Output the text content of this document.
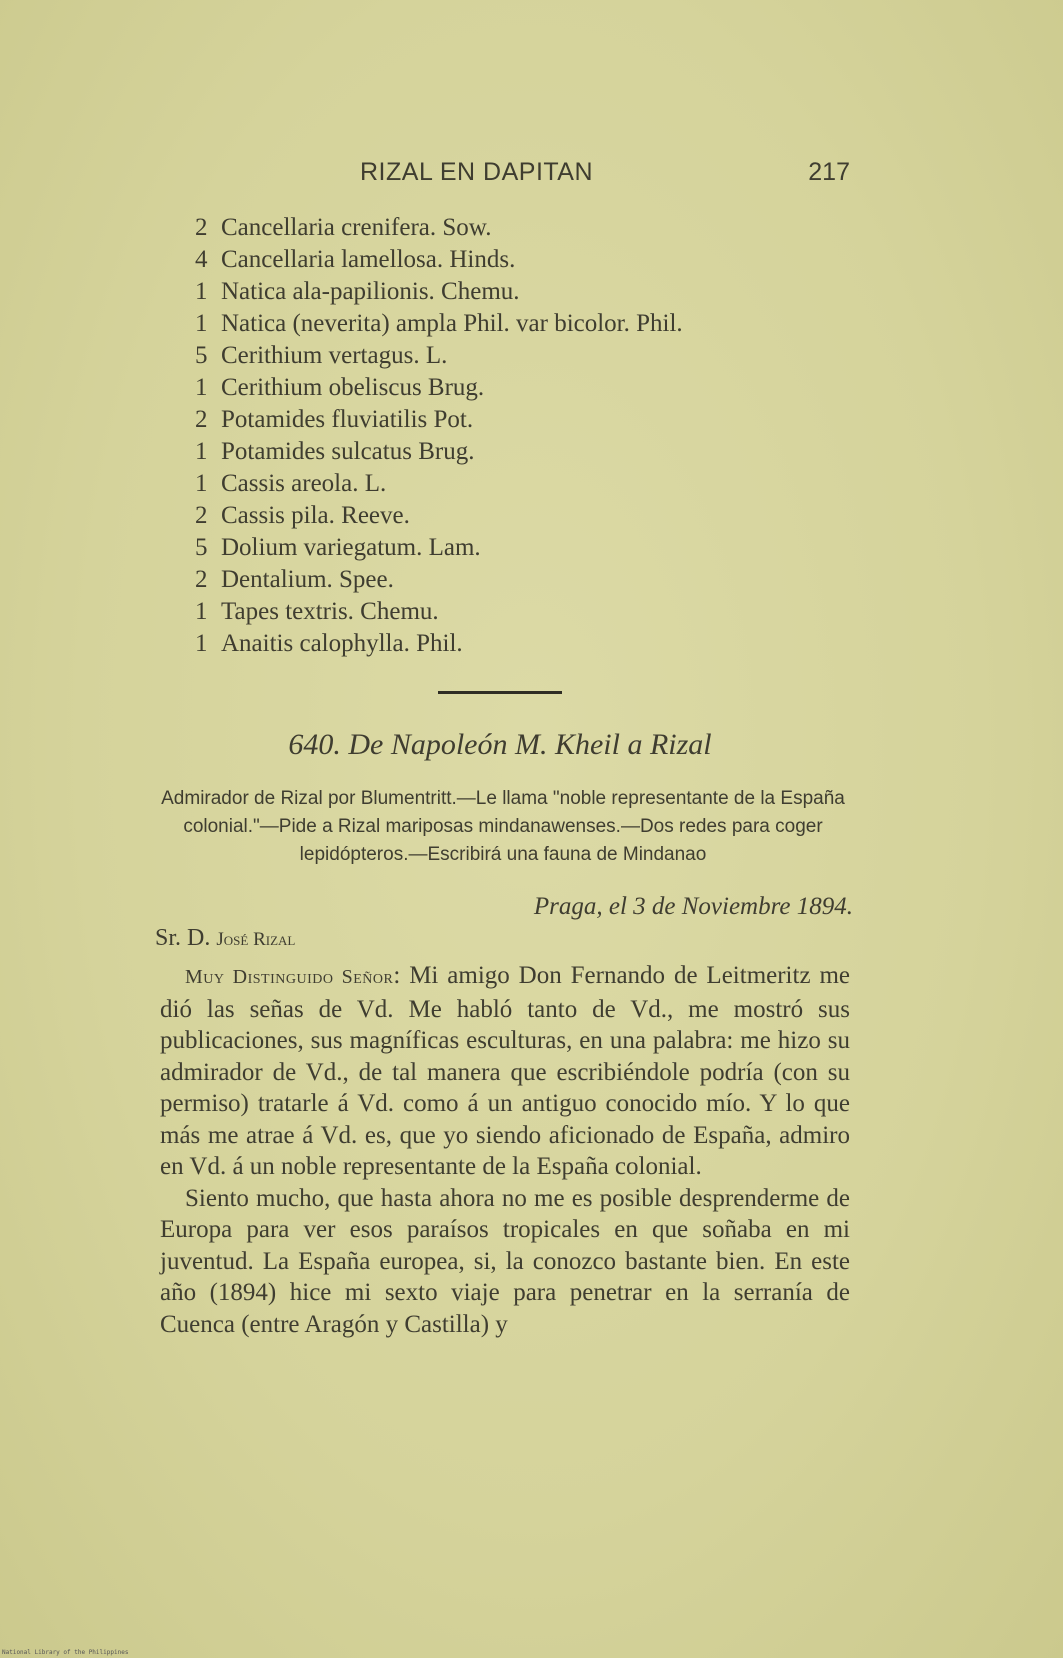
RIZAL EN DAPITAN	217
2 Cancellaria crenifera. Sow.
4 Cancellaria lamellosa. Hinds.
1 Natica ala-papilionis. Chemu.
1 Natica (neverita) ampla Phil. var bicolor. Phil.
5 Cerithium vertagus. L.
1 Cerithium obeliscus Brug.
2 Potamides fluviatilis Pot.
1 Potamides sulcatus Brug.
1 Cassis areola. L.
2 Cassis pila. Reeve.
5 Dolium variegatum. Lam.
2 Dentalium. Spee.
1 Tapes textris. Chemu.
1 Anaitis calophylla. Phil.
640. De Napoleón M. Kheil a Rizal
Admirador de Rizal por Blumentritt.—Le llama "noble representante de la España colonial."—Pide a Rizal mariposas mindanawenses.—Dos redes para coger lepidópteros.—Escribirá una fauna de Mindanao
Praga, el 3 de Noviembre 1894.
Sr. D. José Rizal

Muy Distinguido Señor: Mi amigo Don Fernando de Leitmeritz me dió las señas de Vd. Me habló tanto de Vd., me mostró sus publicaciones, sus magníficas esculturas, en una palabra: me hizo su admirador de Vd., de tal manera que escribiéndole podría (con su permiso) tratarle á Vd. como á un antiguo conocido mío. Y lo que más me atrae á Vd. es, que yo siendo aficionado de España, admiro en Vd. á un noble representante de la España colonial.

Siento mucho, que hasta ahora no me es posible desprenderme de Europa para ver esos paraísos tropicales en que soñaba en mi juventud. La España europea, si, la conozco bastante bien. En este año (1894) hice mi sexto viaje para penetrar en la serranía de Cuenca (entre Aragón y Castilla) y

National Library of the Philippines
